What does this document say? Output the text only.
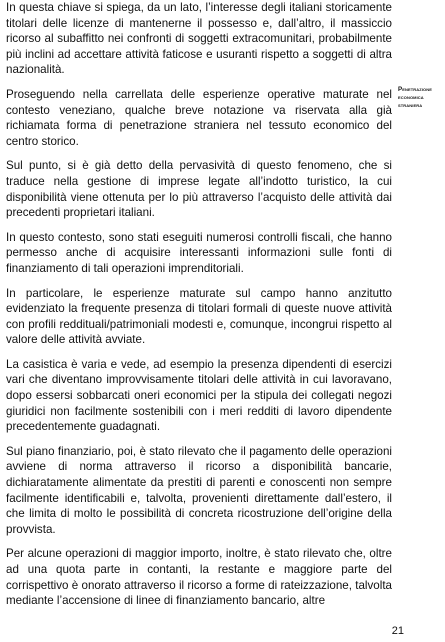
In questa chiave si spiega, da un lato, l’interesse degli italiani storicamente titolari delle licenze di mantenerne il possesso e, dall’altro, il massiccio ricorso al subaffitto nei confronti di soggetti extracomunitari, probabilmente più inclini ad accettare attività faticose e usuranti rispetto a soggetti di altra nazionalità.

Proseguendo nella carrellata delle esperienze operative maturate nel contesto veneziano, qualche breve notazione va riservata alla già richiamata forma di penetrazione straniera nel tessuto economico del centro storico.

Sul punto, si è già detto della pervasività di questo fenomeno, che si traduce nella gestione di imprese legate all’indotto turistico, la cui disponibilità viene ottenuta per lo più attraverso l’acquisto delle attività dai precedenti proprietari italiani.

In questo contesto, sono stati eseguiti numerosi controlli fiscali, che hanno permesso anche di acquisire interessanti informazioni sulle fonti di finanziamento di tali operazioni imprenditoriali.

In particolare, le esperienze maturate sul campo hanno anzitutto evidenziato la frequente presenza di titolari formali di queste nuove attività con profili reddituali/patrimoniali modesti e, comunque, incongrui rispetto al valore delle attività avviate.

La casistica è varia e vede, ad esempio la presenza dipendenti di esercizi vari che diventano improvvisamente titolari delle attività in cui lavoravano, dopo essersi sobbarcati oneri economici per la stipula dei collegati negozi giuridici non facilmente sostenibili con i meri redditi di lavoro dipendente precedentemente guadagnati.

Sul piano finanziario, poi, è stato rilevato che il pagamento delle operazioni avviene di norma attraverso il ricorso a disponibilità bancarie, dichiaratamente alimentate da prestiti di parenti e conoscenti non sempre facilmente identificabili e, talvolta, provenienti direttamente dall’estero, il che limita di molto le possibilità di concreta ricostruzione dell’origine della provvista.

Per alcune operazioni di maggior importo, inoltre, è stato rilevato che, oltre ad una quota parte in contanti, la restante e maggiore parte del corrispettivo è onorato attraverso il ricorso a forme di rateizzazione, talvolta mediante l’accensione di linee di finanziamento bancario, altre

Penetrazione
economica
straniera
21
